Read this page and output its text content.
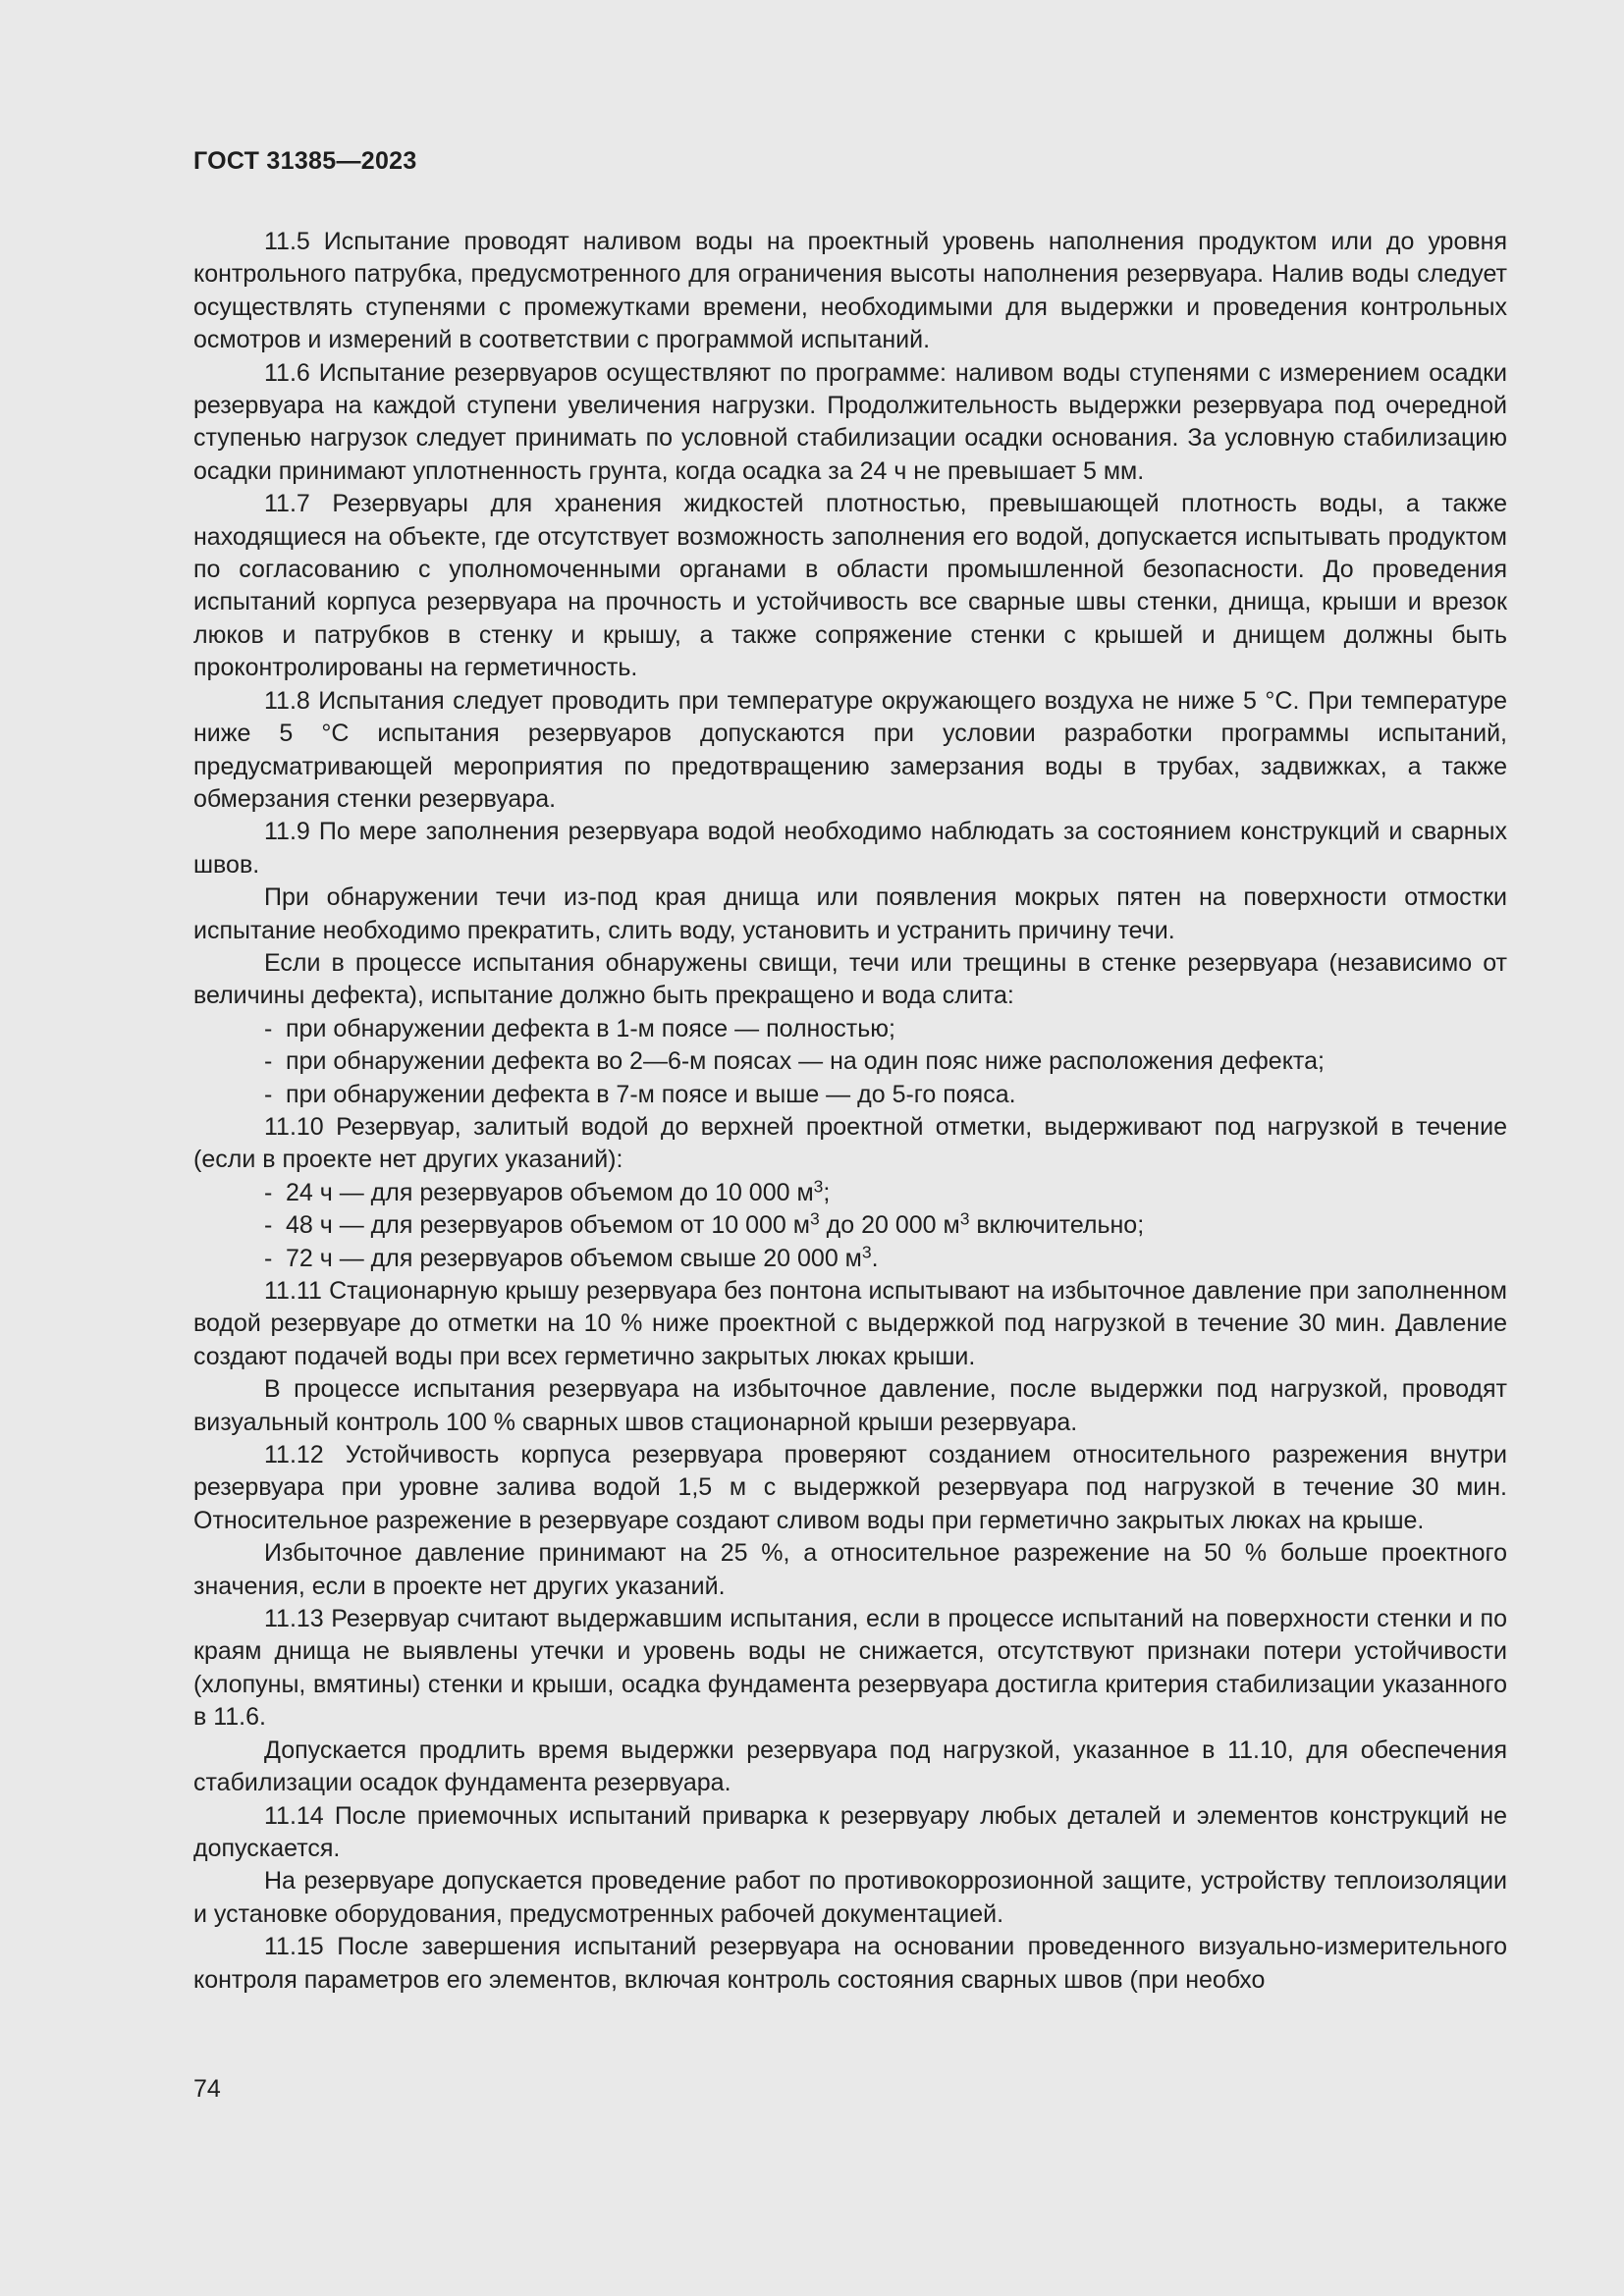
ГОСТ 31385—2023

11.5 Испытание проводят наливом воды на проектный уровень наполнения продуктом или до уровня контрольного патрубка, предусмотренного для ограничения высоты наполнения резервуара. Налив воды следует осуществлять ступенями с промежутками времени, необходимыми для выдержки и проведения контрольных осмотров и измерений в соответствии с программой испытаний.

11.6 Испытание резервуаров осуществляют по программе: наливом воды ступенями с измерением осадки резервуара на каждой ступени увеличения нагрузки. Продолжительность выдержки резервуара под очередной ступенью нагрузок следует принимать по условной стабилизации осадки основания. За условную стабилизацию осадки принимают уплотненность грунта, когда осадка за 24 ч не превышает 5 мм.

11.7 Резервуары для хранения жидкостей плотностью, превышающей плотность воды, а также находящиеся на объекте, где отсутствует возможность заполнения его водой, допускается испытывать продуктом по согласованию с уполномоченными органами в области промышленной безопасности. До проведения испытаний корпуса резервуара на прочность и устойчивость все сварные швы стенки, днища, крыши и врезок люков и патрубков в стенку и крышу, а также сопряжение стенки с крышей и днищем должны быть проконтролированы на герметичность.

11.8 Испытания следует проводить при температуре окружающего воздуха не ниже 5 °С. При температуре ниже 5 °С испытания резервуаров допускаются при условии разработки программы испытаний, предусматривающей мероприятия по предотвращению замерзания воды в трубах, задвижках, а также обмерзания стенки резервуара.

11.9 По мере заполнения резервуара водой необходимо наблюдать за состоянием конструкций и сварных швов.

При обнаружении течи из-под края днища или появления мокрых пятен на поверхности отмостки испытание необходимо прекратить, слить воду, установить и устранить причину течи.

Если в процессе испытания обнаружены свищи, течи или трещины в стенке резервуара (независимо от величины дефекта), испытание должно быть прекращено и вода слита:

- при обнаружении дефекта в 1-м поясе — полностью;

- при обнаружении дефекта во 2—6-м поясах — на один пояс ниже расположения дефекта;

- при обнаружении дефекта в 7-м поясе и выше — до 5-го пояса.

11.10 Резервуар, залитый водой до верхней проектной отметки, выдерживают под нагрузкой в течение (если в проекте нет других указаний):

- 24 ч — для резервуаров объемом до 10 000 $м^3$;

- 48 ч — для резервуаров объемом от 10 000 $м^3$ до 20 000 $м^3$ включительно;

- 72 ч — для резервуаров объемом свыше 20 000 $м^3$.

11.11 Стационарную крышу резервуара без понтона испытывают на избыточное давление при заполненном водой резервуаре до отметки на 10 % ниже проектной с выдержкой под нагрузкой в течение 30 мин. Давление создают подачей воды при всех герметично закрытых люках крыши.

В процессе испытания резервуара на избыточное давление, после выдержки под нагрузкой, проводят визуальный контроль 100 % сварных швов стационарной крыши резервуара.

11.12 Устойчивость корпуса резервуара проверяют созданием относительного разрежения внутри резервуара при уровне залива водой 1,5 м с выдержкой резервуара под нагрузкой в течение 30 мин. Относительное разрежение в резервуаре создают сливом воды при герметично закрытых люках на крыше.

Избыточное давление принимают на 25 %, а относительное разрежение на 50 % больше проектного значения, если в проекте нет других указаний.

11.13 Резервуар считают выдержавшим испытания, если в процессе испытаний на поверхности стенки и по краям днища не выявлены утечки и уровень воды не снижается, отсутствуют признаки потери устойчивости (хлопуны, вмятины) стенки и крыши, осадка фундамента резервуара достигла критерия стабилизации указанного в 11.6.

Допускается продлить время выдержки резервуара под нагрузкой, указанное в 11.10, для обеспечения стабилизации осадок фундамента резервуара.

11.14 После приемочных испытаний приварка к резервуару любых деталей и элементов конструкций не допускается.

На резервуаре допускается проведение работ по противокоррозионной защите, устройству теплоизоляции и установке оборудования, предусмотренных рабочей документацией.

11.15 После завершения испытаний резервуара на основании проведенного визуально-измерительного контроля параметров его элементов, включая контроль состояния сварных швов (при необхо

74
